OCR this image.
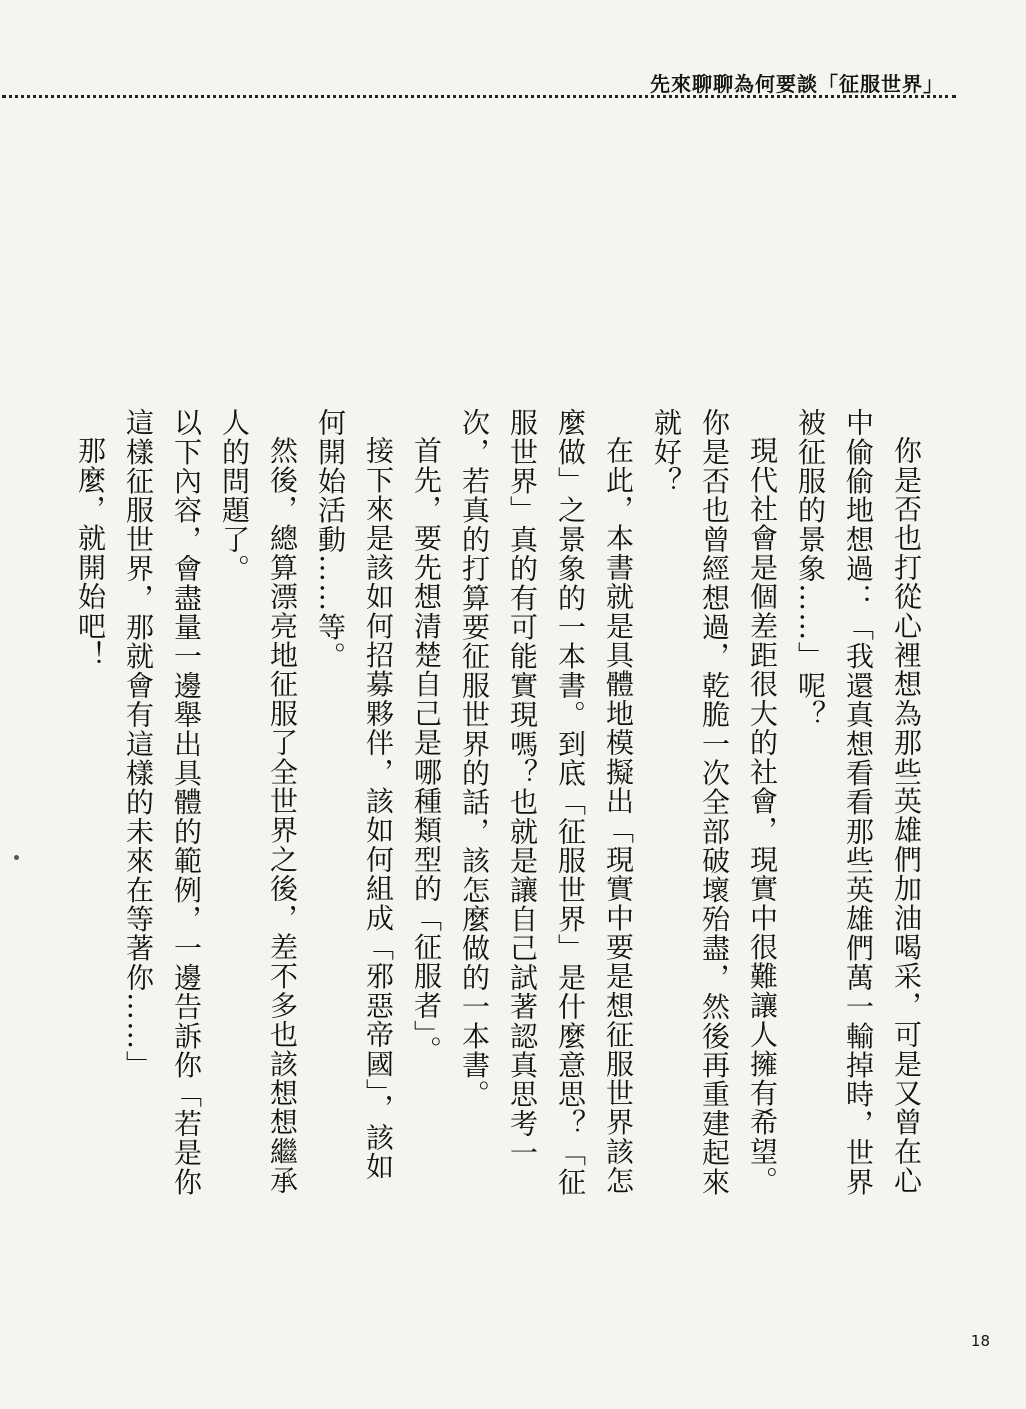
先來聊聊為何要談「征服世界」

你是否也打從心裡想為那些英雄們加油喝采，可是又曾在心中偷偷地想過：「我還真想看看那些英雄們萬一輸掉時，世界被征服的景象……」呢？

現代社會是個差距很大的社會，現實中很難讓人擁有希望。你是否也曾經想過，乾脆一次全部破壞殆盡，然後再重建起來就好？

在此，本書就是具體地模擬出「現實中要是想征服世界該怎麼做」之景象的一本書。到底「征服世界」是什麼意思？「征服世界」真的有可能實現嗎？也就是讓自己試著認真思考一次，若真的打算要征服世界的話，該怎麼做的一本書。

首先，要先想清楚自己是哪種類型的「征服者」。

接下來是該如何招募夥伴，該如何組成「邪惡帝國」，該如何開始活動……等。

然後，總算漂亮地征服了全世界之後，差不多也該想想繼承人的問題了。

以下內容，會盡量一邊舉出具體的範例，一邊告訴你「若是你這樣征服世界，那就會有這樣的未來在等著你……」

那麼，就開始吧！

18
